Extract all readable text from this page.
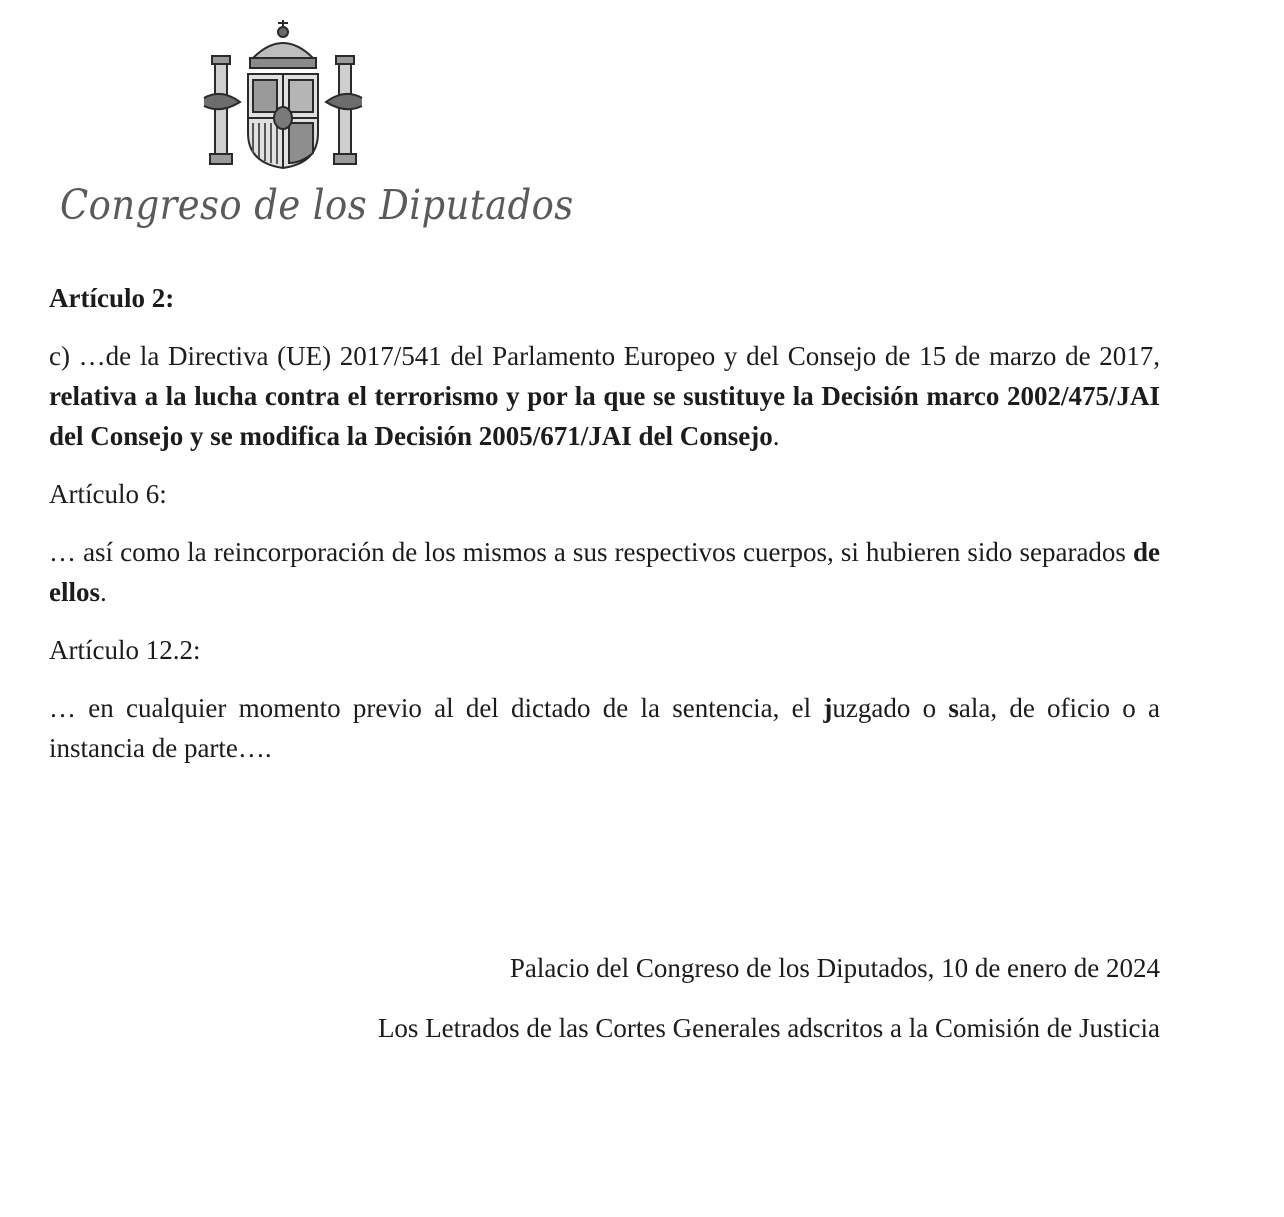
Congreso de los Diputados

Artículo 2:

c) …de la Directiva (UE) 2017/541 del Parlamento Europeo y del Consejo de 15 de marzo de 2017, relativa a la lucha contra el terrorismo y por la que se sustituye la Decisión marco 2002/475/JAI del Consejo y se modifica la Decisión 2005/671/JAI del Consejo.

Artículo 6:

… así como la reincorporación de los mismos a sus respectivos cuerpos, si hubieren sido separados de ellos.

Artículo 12.2:

… en cualquier momento previo al del dictado de la sentencia, el juzgado o sala, de oficio o a instancia de parte….

Palacio del Congreso de los Diputados, 10 de enero de 2024
Los Letrados de las Cortes Generales adscritos a la Comisión de Justicia
